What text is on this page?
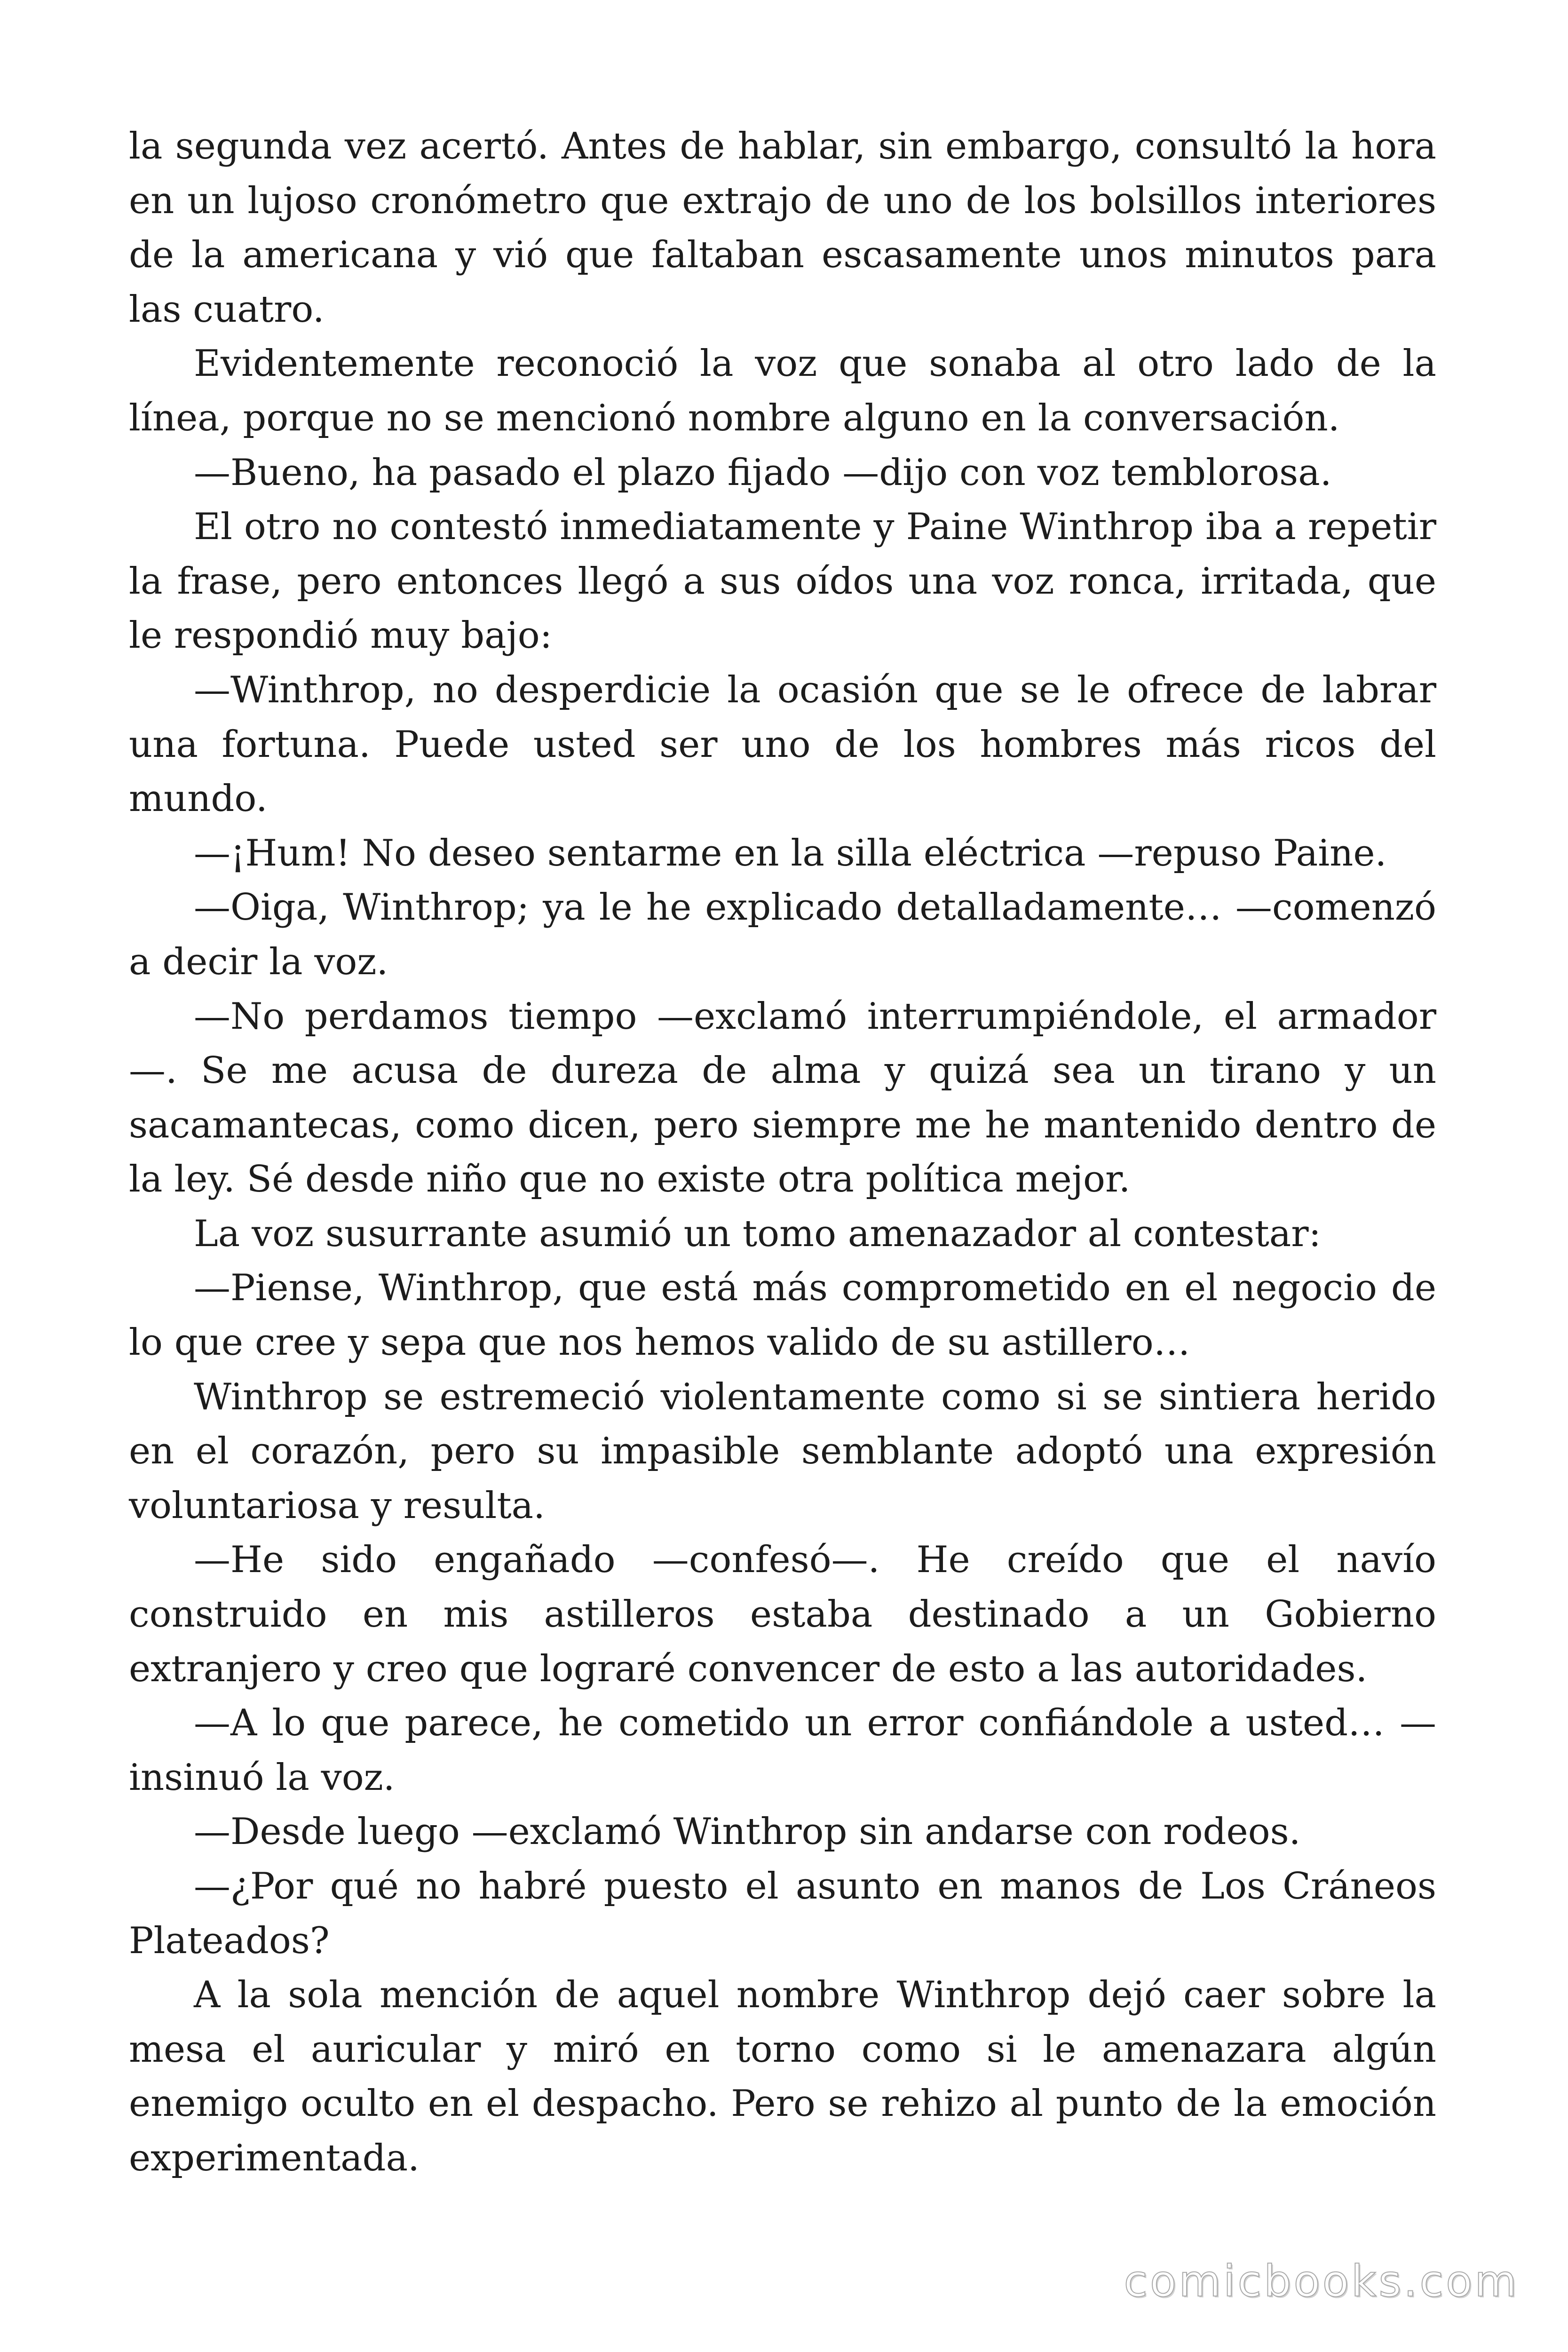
la segunda vez acertó. Antes de hablar, sin embargo, consultó la hora en un lujoso cronómetro que extrajo de uno de los bolsillos interiores de la americana y vió que faltaban escasamente unos minutos para las cuatro.

Evidentemente reconoció la voz que sonaba al otro lado de la línea, porque no se mencionó nombre alguno en la conversación.

—Bueno, ha pasado el plazo fijado —dijo con voz temblorosa.

El otro no contestó inmediatamente y Paine Winthrop iba a repetir la frase, pero entonces llegó a sus oídos una voz ronca, irritada, que le respondió muy bajo:

—Winthrop, no desperdicie la ocasión que se le ofrece de labrar una fortuna. Puede usted ser uno de los hombres más ricos del mundo.

—¡Hum! No deseo sentarme en la silla eléctrica —repuso Paine.

—Oiga, Winthrop; ya le he explicado detalladamente… —comenzó a decir la voz.

—No perdamos tiempo —exclamó interrumpiéndole, el armador —. Se me acusa de dureza de alma y quizá sea un tirano y un sacamantecas, como dicen, pero siempre me he mantenido dentro de la ley. Sé desde niño que no existe otra política mejor.

La voz susurrante asumió un tomo amenazador al contestar:

—Piense, Winthrop, que está más comprometido en el negocio de lo que cree y sepa que nos hemos valido de su astillero…

Winthrop se estremeció violentamente como si se sintiera herido en el corazón, pero su impasible semblante adoptó una expresión voluntariosa y resulta.

—He sido engañado —confesó—. He creído que el navío construido en mis astilleros estaba destinado a un Gobierno extranjero y creo que lograré convencer de esto a las autoridades.

—A lo que parece, he cometido un error confiándole a usted… —insinuó la voz.

—Desde luego —exclamó Winthrop sin andarse con rodeos.

—¿Por qué no habré puesto el asunto en manos de Los Cráneos Plateados?

A la sola mención de aquel nombre Winthrop dejó caer sobre la mesa el auricular y miró en torno como si le amenazara algún enemigo oculto en el despacho. Pero se rehizo al punto de la emoción experimentada.

comicbooks.com
